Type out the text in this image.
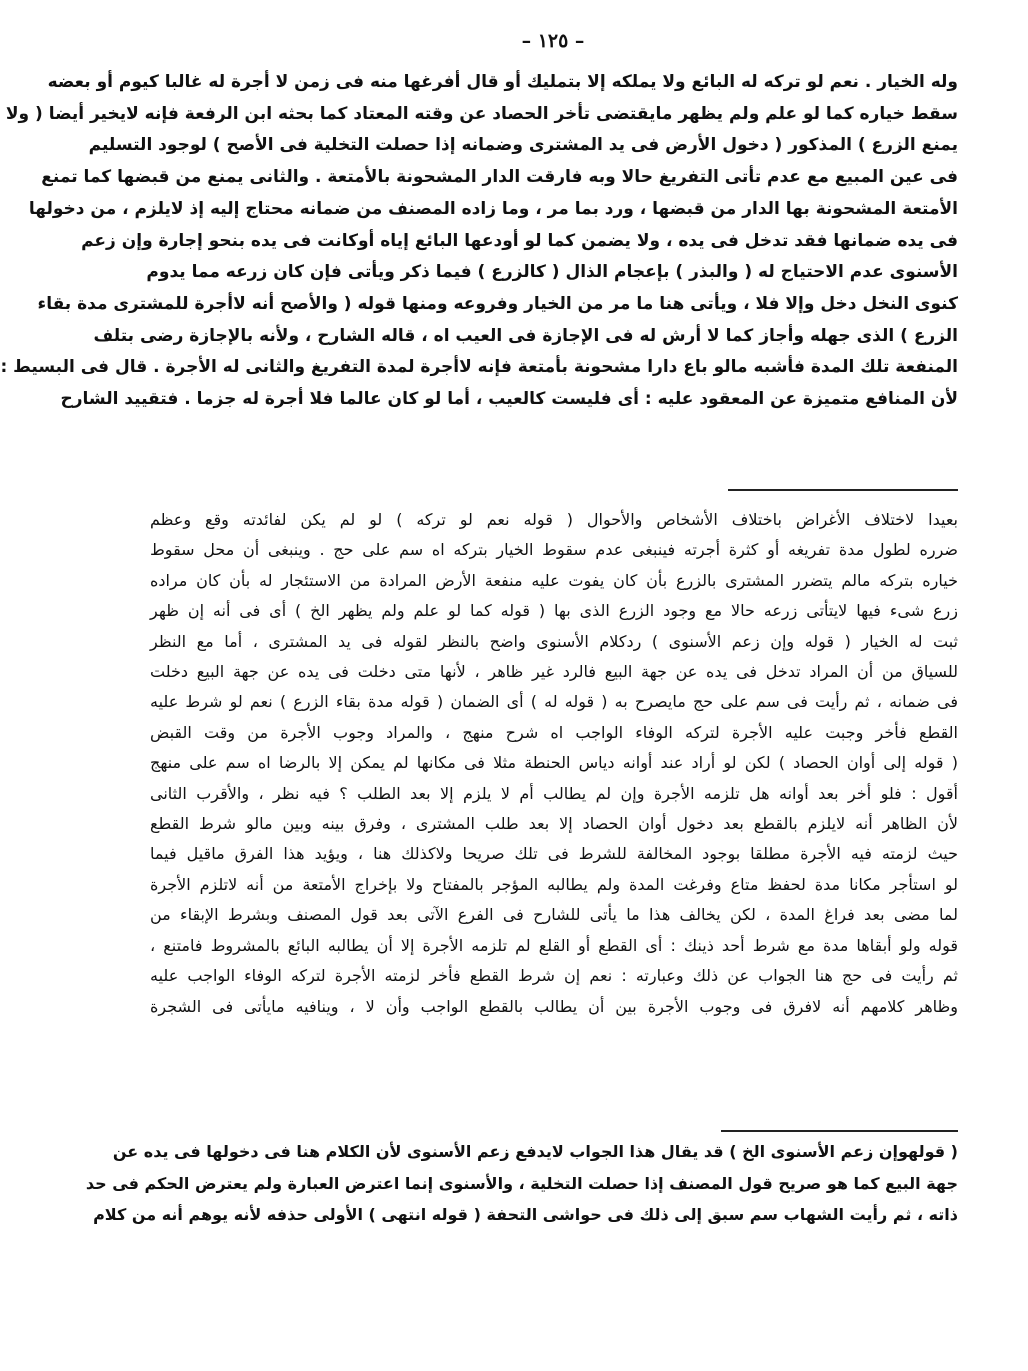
– ١٢٥ –
وله الخيار . نعم لو تركه له البائع ولا يملكه إلا بتمليك أو قال أفرغها منه فى زمن لا أجرة له غالبا كيوم أو بعضه
سقط خياره كما لو علم ولم يظهر مايقتضى تأخر الحصاد عن وقته المعتاد كما بحثه ابن الرفعة فإنه لايخير أيضا ( ولا
يمنع الزرع ) المذكور ( دخول الأرض فى يد المشترى وضمانه إذا حصلت التخلية فى الأصح ) لوجود التسليم
فى عين المبيع مع عدم تأتى التفريغ حالا وبه فارقت الدار المشحونة بالأمتعة . والثانى يمنع من قبضها كما تمنع
الأمتعة المشحونة بها الدار من قبضها ، ورد بما مر ، وما زاده المصنف من ضمانه محتاج إليه إذ لايلزم ، من دخولها
فى يده ضمانها فقد تدخل فى يده ، ولا يضمن كما لو أودعها البائع إياه أوكانت فى يده بنحو إجارة وإن زعم
الأسنوى عدم الاحتياج له ( والبذر ) بإعجام الذال ( كالزرع ) فيما ذكر ويأتى فإن كان زرعه مما يدوم
كنوى النخل دخل وإلا فلا ، ويأتى هنا ما مر من الخيار وفروعه ومنها قوله ( والأصح أنه لاأجرة للمشترى مدة بقاء
الزرع ) الذى جهله وأجاز كما لا أرش له فى الإجازة فى العيب اه ، قاله الشارح ، ولأنه بالإجازة رضى بتلف
المنفعة تلك المدة فأشبه مالو باع دارا مشحونة بأمتعة فإنه لاأجرة لمدة التفريغ والثانى له الأجرة . قال فى البسيط :
لأن المنافع متميزة عن المعقود عليه : أى فليست كالعيب ، أما لو كان عالما فلا أجرة له جزما . فتقييد الشارح
بعيدا لاختلاف الأغراض باختلاف الأشخاص والأحوال ( قوله نعم لو تركه ) لو لم يكن لفائدته وقع وعظم
ضرره لطول مدة تفريغه أو كثرة أجرته فينبغى عدم سقوط الخيار بتركه اه سم على حج . وينبغى أن محل سقوط
خياره بتركه مالم يتضرر المشترى بالزرع بأن كان يفوت عليه منفعة الأرض المرادة من الاستئجار له بأن كان مراده
زرع شىء فيها لايتأتى زرعه حالا مع وجود الزرع الذى بها ( قوله كما لو علم ولم يظهر الخ ) أى فى أنه إن ظهر
ثبت له الخيار ( قوله وإن زعم الأسنوى ) ردكلام الأسنوى واضح بالنظر لقوله فى يد المشترى ، أما مع النظر
للسياق من أن المراد تدخل فى يده عن جهة البيع فالرد غير ظاهر ، لأنها متى دخلت فى يده عن جهة البيع دخلت
فى ضمانه ، ثم رأيت فى سم على حج مايصرح به ( قوله له ) أى الضمان ( قوله مدة بقاء الزرع ) نعم لو شرط عليه
القطع فأخر وجبت عليه الأجرة لتركه الوفاء الواجب اه شرح منهج ، والمراد وجوب الأجرة من وقت القبض
( قوله إلى أوان الحصاد ) لكن لو أراد عند أوانه دياس الحنطة مثلا فى مكانها لم يمكن إلا بالرضا اه سم على منهج
أقول : فلو أخر بعد أوانه هل تلزمه الأجرة وإن لم يطالب أم لا يلزم إلا بعد الطلب ؟ فيه نظر ، والأقرب الثانى
لأن الظاهر أنه لايلزم بالقطع بعد دخول أوان الحصاد إلا بعد طلب المشترى ، وفرق بينه وبين مالو شرط القطع
حيث لزمته فيه الأجرة مطلقا بوجود المخالفة للشرط فى تلك صريحا ولاكذلك هنا ، ويؤيد هذا الفرق ماقيل فيما
لو استأجر مكانا مدة لحفظ متاع وفرغت المدة ولم يطالبه المؤجر بالمفتاح ولا بإخراج الأمتعة من أنه لاتلزم الأجرة
لما مضى بعد فراغ المدة ، لكن يخالف هذا ما يأتى للشارح فى الفرع الآتى بعد قول المصنف وبشرط الإبقاء من
قوله ولو أبقاها مدة مع شرط أحد ذينك : أى القطع أو القلع لم تلزمه الأجرة إلا أن يطالبه البائع بالمشروط فامتنع ،
ثم رأيت فى حج هنا الجواب عن ذلك وعبارته : نعم إن شرط القطع فأخر لزمته الأجرة لتركه الوفاء الواجب عليه
وظاهر كلامهم أنه لافرق فى وجوب الأجرة بين أن يطالب بالقطع الواجب وأن لا ، وينافيه مايأتى فى الشجرة
( قولهوإن زعم الأسنوى الخ ) قد يقال هذا الجواب لايدفع زعم الأسنوى لأن الكلام هنا فى دخولها فى يده عن
جهة البيع كما هو صريح قول المصنف إذا حصلت التخلية ، والأسنوى إنما اعترض العبارة ولم يعترض الحكم فى حد
ذاته ، ثم رأيت الشهاب سم سبق إلى ذلك فى حواشى التحفة ( قوله انتهى ) الأولى حذفه لأنه يوهم أنه من كلام
